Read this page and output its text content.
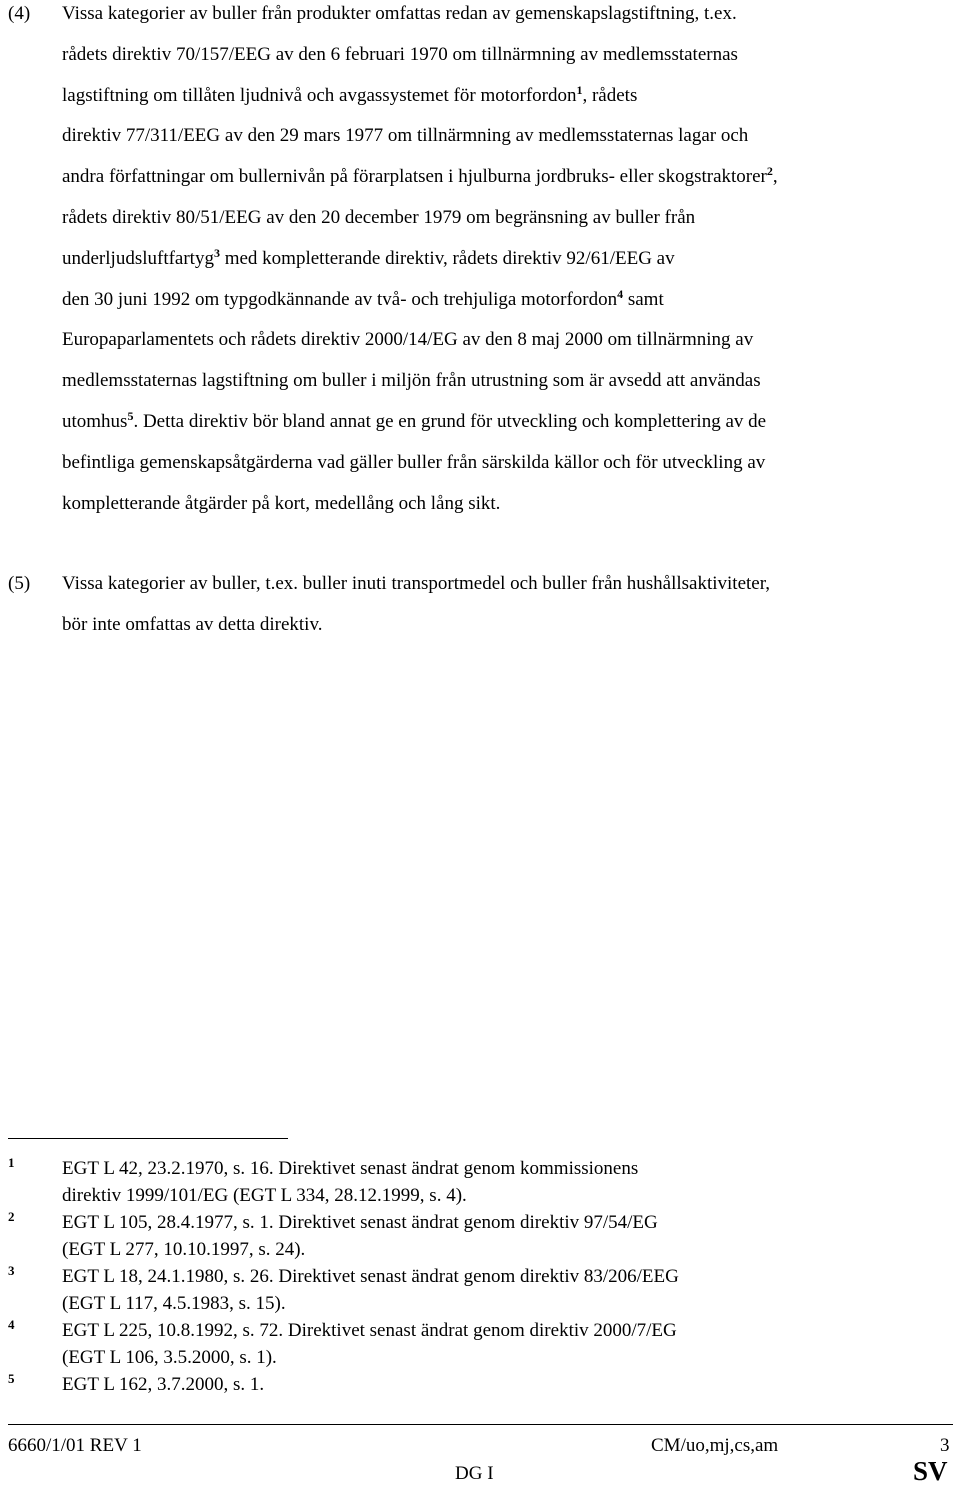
(4) Vissa kategorier av buller från produkter omfattas redan av gemenskapslagstiftning, t.ex.
rådets direktiv 70/157/EEG av den 6 februari 1970 om tillnärmning av medlemsstaternas
lagstiftning om tillåten ljudnivå och avgassystemet för motorfordon$^1$, rådets
direktiv 77/311/EEG av den 29 mars 1977 om tillnärmning av medlemsstaternas lagar och
andra författningar om bullernivån på förarplatsen i hjulburna jordbruks- eller skogstraktorer$^2$,
rådets direktiv 80/51/EEG av den 20 december 1979 om begränsning av buller från
underljudsluftfartyg$^3$ med kompletterande direktiv, rådets direktiv 92/61/EEG av
den 30 juni 1992 om typgodkännande av två- och trehjuliga motorfordon$^4$ samt
Europaparlamentets och rådets direktiv 2000/14/EG av den 8 maj 2000 om tillnärmning av
medlemsstaternas lagstiftning om buller i miljön från utrustning som är avsedd att användas
utomhus$^5$. Detta direktiv bör bland annat ge en grund för utveckling och komplettering av de
befintliga gemenskapsåtgärderna vad gäller buller från särskilda källor och för utveckling av
kompletterande åtgärder på kort, medellång och lång sikt.
(5) Vissa kategorier av buller, t.ex. buller inuti transportmedel och buller från hushållsaktiviteter,
bör inte omfattas av detta direktiv.
1	EGT L 42, 23.2.1970, s. 16. Direktivet senast ändrat genom kommissionens
direktiv 1999/101/EG (EGT L 334, 28.12.1999, s. 4).
2	EGT L 105, 28.4.1977, s. 1. Direktivet senast ändrat genom direktiv 97/54/EG
(EGT L 277, 10.10.1997, s. 24).
3	EGT L 18, 24.1.1980, s. 26. Direktivet senast ändrat genom direktiv 83/206/EEG
(EGT L 117, 4.5.1983, s. 15).
4	EGT L 225, 10.8.1992, s. 72. Direktivet senast ändrat genom direktiv 2000/7/EG
(EGT L 106, 3.5.2000, s. 1).
5	EGT L 162, 3.7.2000, s. 1.
6660/1/01 REV 1	CM/uo,mj,cs,am	3
DG I	SV
